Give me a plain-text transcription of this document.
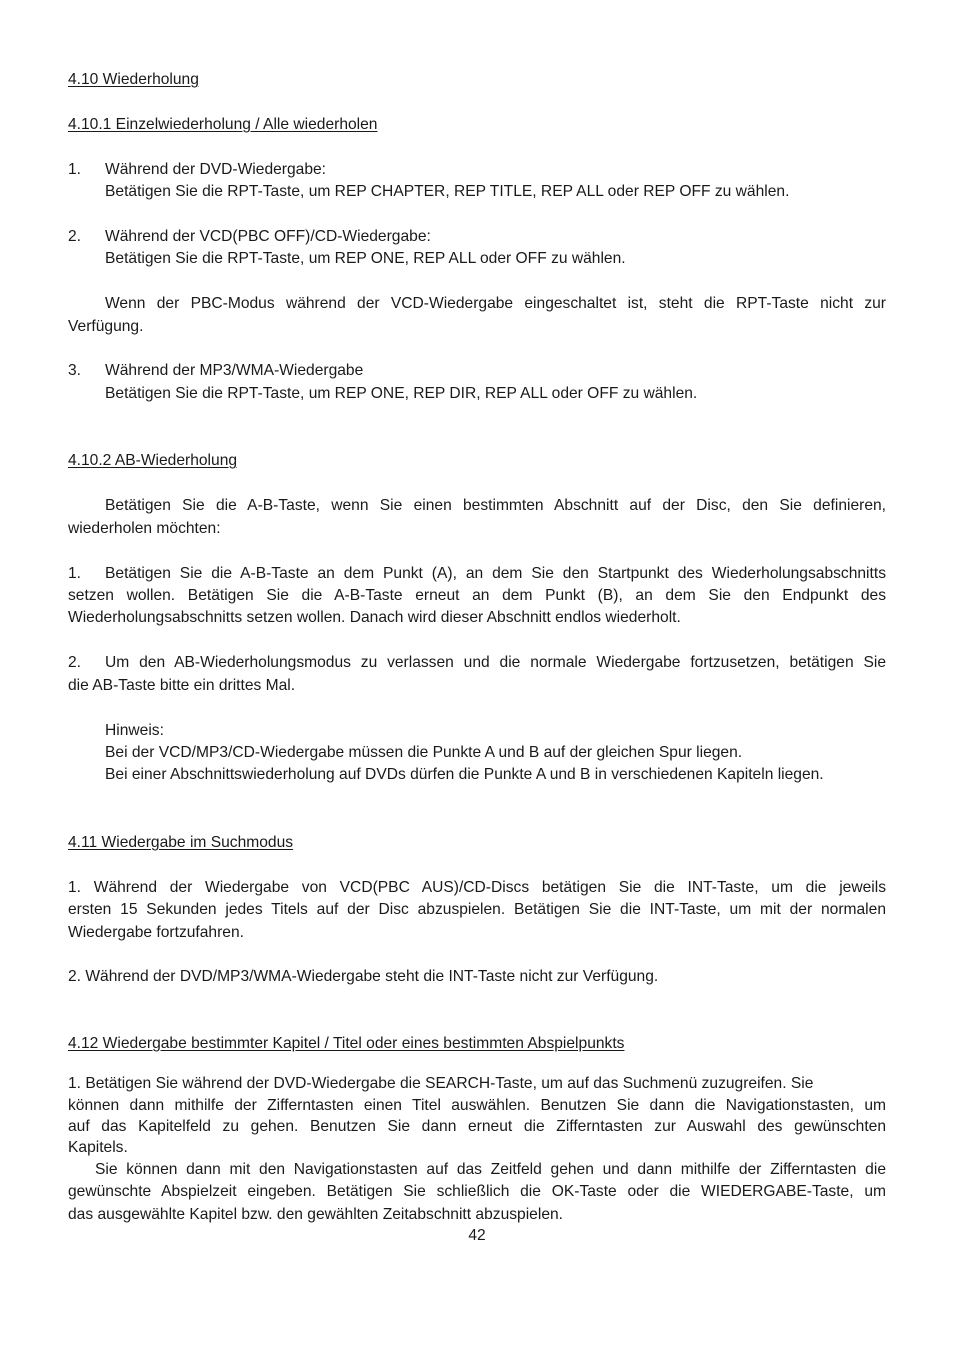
4.10 Wiederholung
4.10.1 Einzelwiederholung / Alle wiederholen
1. Während der DVD-Wiedergabe:
Betätigen Sie die RPT-Taste, um REP CHAPTER, REP TITLE, REP ALL oder REP OFF zu wählen.
2. Während der VCD(PBC OFF)/CD-Wiedergabe:
Betätigen Sie die RPT-Taste, um REP ONE, REP ALL oder OFF zu wählen.
Wenn der PBC-Modus während der VCD-Wiedergabe eingeschaltet ist, steht die RPT-Taste nicht zur
Verfügung.
3. Während der MP3/WMA-Wiedergabe
Betätigen Sie die RPT-Taste, um REP ONE, REP DIR, REP ALL oder OFF zu wählen.
4.10.2 AB-Wiederholung
Betätigen Sie die A-B-Taste, wenn Sie einen bestimmten Abschnitt auf der Disc, den Sie definieren,
wiederholen möchten:
1. Betätigen Sie die A-B-Taste an dem Punkt (A), an dem Sie den Startpunkt des Wiederholungsabschnitts
setzen wollen. Betätigen Sie die A-B-Taste erneut an dem Punkt (B), an dem Sie den Endpunkt des
Wiederholungsabschnitts setzen wollen. Danach wird dieser Abschnitt endlos wiederholt.
2. Um den AB-Wiederholungsmodus zu verlassen und die normale Wiedergabe fortzusetzen, betätigen Sie
die AB-Taste bitte ein drittes Mal.
Hinweis:
Bei der VCD/MP3/CD-Wiedergabe müssen die Punkte A und B auf der gleichen Spur liegen.
Bei einer Abschnittswiederholung auf DVDs dürfen die Punkte A und B in verschiedenen Kapiteln liegen.
4.11 Wiedergabe im Suchmodus
1. Während der Wiedergabe von VCD(PBC AUS)/CD-Discs betätigen Sie die INT-Taste, um die jeweils
ersten 15 Sekunden jedes Titels auf der Disc abzuspielen. Betätigen Sie die INT-Taste, um mit der normalen
Wiedergabe fortzufahren.
2. Während der DVD/MP3/WMA-Wiedergabe steht die INT-Taste nicht zur Verfügung.
4.12 Wiedergabe bestimmter Kapitel / Titel oder eines bestimmten Abspielpunkts
1. Betätigen Sie während der DVD-Wiedergabe die SEARCH-Taste, um auf das Suchmenü zuzugreifen. Sie
können dann mithilfe der Zifferntasten einen Titel auswählen. Benutzen Sie dann die Navigationstasten, um
auf das Kapitelfeld zu gehen. Benutzen Sie dann erneut die Zifferntasten zur Auswahl des gewünschten
Kapitels.
Sie können dann mit den Navigationstasten auf das Zeitfeld gehen und dann mithilfe der Zifferntasten die
gewünschte Abspielzeit eingeben. Betätigen Sie schließlich die OK-Taste oder die WIEDERGABE-Taste, um
das ausgewählte Kapitel bzw. den gewählten Zeitabschnitt abzuspielen.
42
